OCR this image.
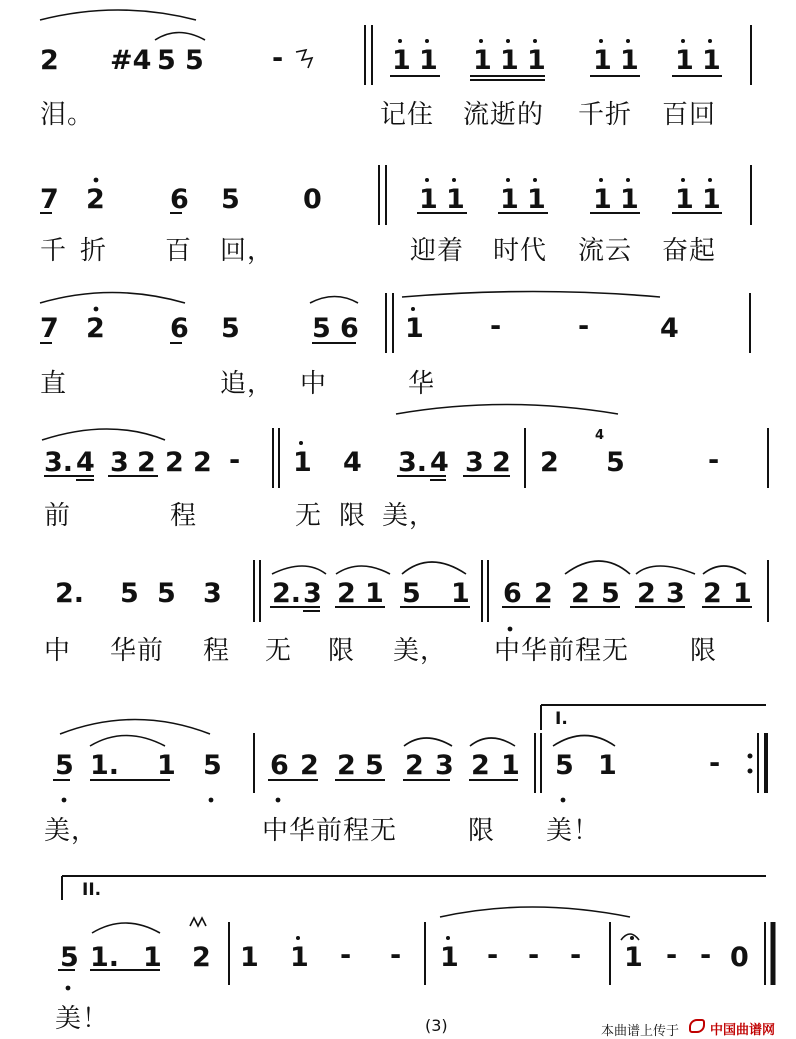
2 #4 5 5	-	1 1 1 1 1 1 1 1 1
泪。	记住 流逝的 千折 百回
7 2 6 5 0	1 1 1 1 1 1 1 1
千 折 百 回，	迎着 时代 流云 奋起
7 2 6 5	5 6 1 -	-	4
直	追， 中	华
3. 4 3 2 2 2 - 1 4 3. 4 3 2 2
4
5	-
前	程	无 限 美，
2. 5 5 3 2. 3 2 1 5 1 6 2 2 5 2 3 2 1
中 华前 程 无 限 美， 中华前程无 限
I.
5 1. 1 5 6 2 2 5 2 3 2 1 5 1	-
美，	中华前程无	限 美！
II.
5 1. 1 2 1 1 - - 1 - - - 1 - - 0
美！	(3)	本曲谱上传于 中国曲谱网
